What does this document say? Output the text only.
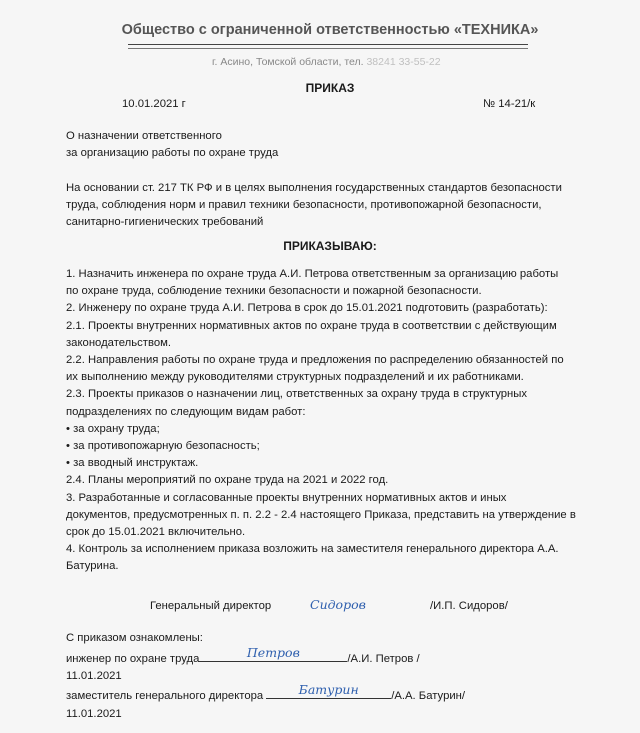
Общество с ограниченной ответственностью «ТЕХНИКА»
г. Асино, Томской области, тел. 38241 33-55-22
ПРИКАЗ
10.01.2021 г	№ 14-21/к

О назначении ответственного

за организацию работы по охране труда

На основании ст. 217 ТК РФ и в целях выполнения государственных стандартов безопасности

труда, соблюдения норм и правил техники безопасности, противопожарной безопасности,

санитарно-гигиенических требований

ПРИКАЗЫВАЮ:

1. Назначить инженера по охране труда А.И. Петрова ответственным за организацию работы

по охране труда, соблюдение техники безопасности и пожарной безопасности.

2. Инженеру по охране труда А.И. Петрова в срок до 15.01.2021 подготовить (разработать):

2.1. Проекты внутренних нормативных актов по охране труда в соответствии с действующим

законодательством.

2.2. Направления работы по охране труда и предложения по распределению обязанностей по

их выполнению между руководителями структурных подразделений и их работниками.

2.3. Проекты приказов о назначении лиц, ответственных за охрану труда в структурных

подразделениях по следующим видам работ:

• за охрану труда;

• за противопожарную безопасность;

• за вводный инструктаж.

2.4. Планы мероприятий по охране труда на 2021 и 2022 год.

3. Разработанные и согласованные проекты внутренних нормативных актов и иных

документов, предусмотренных п. п. 2.2 - 2.4 настоящего Приказа, представить на утверждение в

срок до 15.01.2021 включительно.

4. Контроль за исполнением приказа возложить на заместителя генерального директора А.А.

Батурина.

Генеральный директор	Сидоров	/И.П. Сидоров/
С приказом ознакомлены:
инженер по охране труда	Петров	/А.И. Петров /
11.01.2021
заместитель генерального директора	Батурин	/А.А. Батурин/
11.01.2021
